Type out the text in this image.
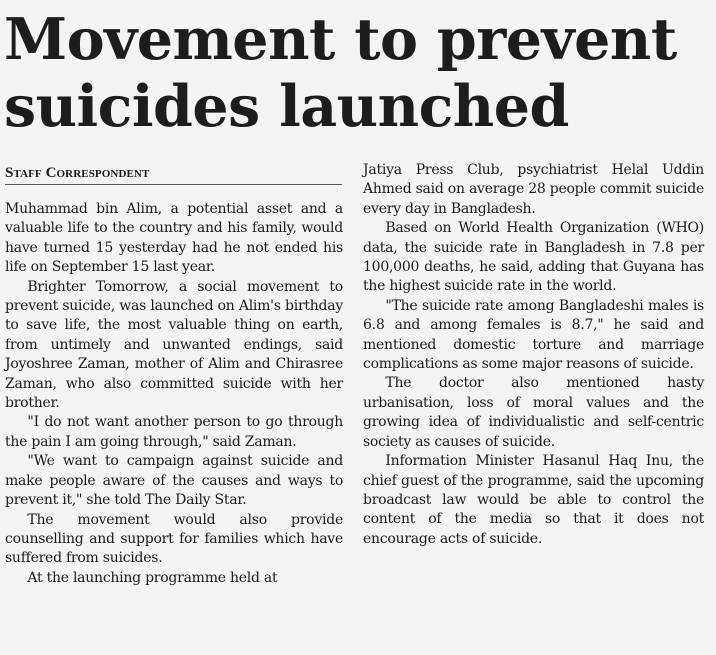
Movement to prevent
suicides launched
Staff Correspondent

Muhammad bin Alim, a potential asset and a valuable life to the country and his family, would have turned 15 yesterday had he not ended his life on September 15 last year.

Brighter Tomorrow, a social movement to prevent suicide, was launched on Alim's birthday to save life, the most valuable thing on earth, from untimely and unwanted endings, said Joyoshree Zaman, mother of Alim and Chirasree Zaman, who also committed suicide with her brother.

"I do not want another person to go through the pain I am going through," said Zaman.

"We want to campaign against suicide and make people aware of the causes and ways to prevent it," she told The Daily Star.

The movement would also provide counselling and support for families which have suffered from suicides.

At the launching programme held at

Jatiya Press Club, psychiatrist Helal Uddin Ahmed said on average 28 people commit suicide every day in Bangladesh.

Based on World Health Organization (WHO) data, the suicide rate in Bangladesh in 7.8 per 100,000 deaths, he said, adding that Guyana has the highest suicide rate in the world.

"The suicide rate among Bangladeshi males is 6.8 and among females is 8.7," he said and mentioned domestic torture and marriage complications as some major reasons of suicide.

The doctor also mentioned hasty urbanisation, loss of moral values and the growing idea of individualistic and self-centric society as causes of suicide.

Information Minister Hasanul Haq Inu, the chief guest of the programme, said the upcoming broadcast law would be able to control the content of the media so that it does not encourage acts of suicide.
